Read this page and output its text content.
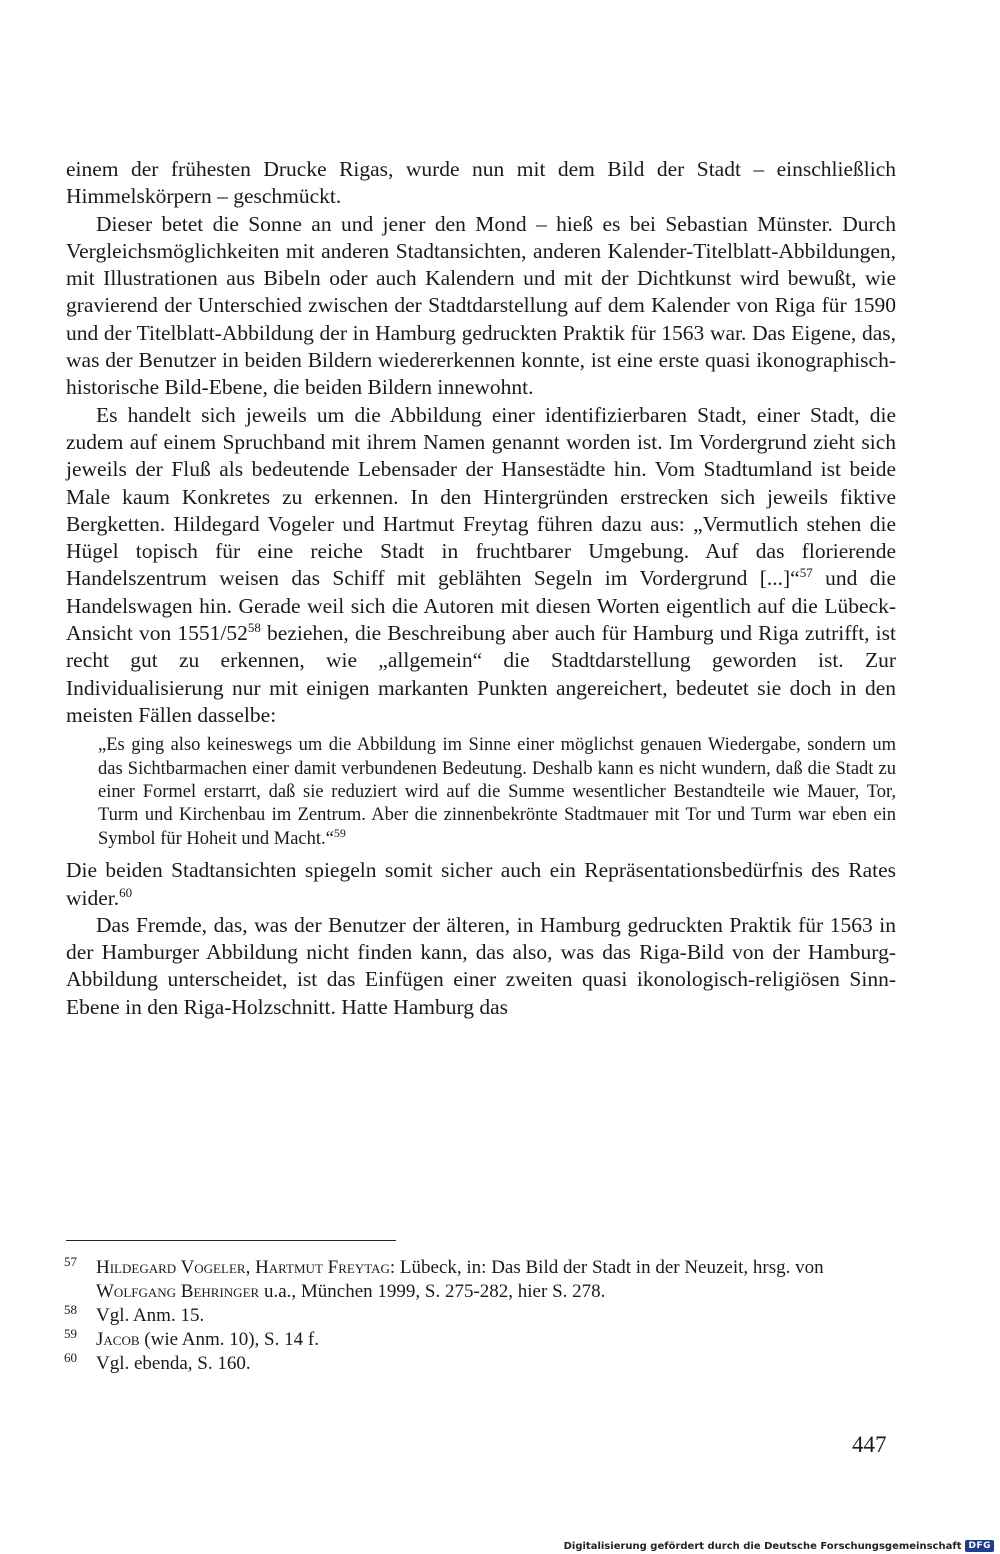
einem der frühesten Drucke Rigas, wurde nun mit dem Bild der Stadt – einschließlich Himmelskörpern – geschmückt.

Dieser betet die Sonne an und jener den Mond – hieß es bei Sebastian Münster. Durch Vergleichsmöglichkeiten mit anderen Stadtansichten, anderen Kalender-Titelblatt-Abbildungen, mit Illustrationen aus Bibeln oder auch Kalendern und mit der Dichtkunst wird bewußt, wie gravierend der Unterschied zwischen der Stadtdarstellung auf dem Kalender von Riga für 1590 und der Titelblatt-Abbildung der in Hamburg gedruckten Praktik für 1563 war. Das Eigene, das, was der Benutzer in beiden Bildern wiedererkennen konnte, ist eine erste quasi ikonographisch-historische Bild-Ebene, die beiden Bildern innewohnt.

Es handelt sich jeweils um die Abbildung einer identifizierbaren Stadt, einer Stadt, die zudem auf einem Spruchband mit ihrem Namen genannt worden ist. Im Vordergrund zieht sich jeweils der Fluß als bedeutende Lebensader der Hansestädte hin. Vom Stadtumland ist beide Male kaum Konkretes zu erkennen. In den Hintergründen erstrecken sich jeweils fiktive Bergketten. Hildegard Vogeler und Hartmut Freytag führen dazu aus: „Vermutlich stehen die Hügel topisch für eine reiche Stadt in fruchtbarer Umgebung. Auf das florierende Handelszentrum weisen das Schiff mit geblähten Segeln im Vordergrund [...]“$^{57}$ und die Handelswagen hin. Gerade weil sich die Autoren mit diesen Worten eigentlich auf die Lübeck-Ansicht von $1551/52^{58}$ beziehen, die Beschreibung aber auch für Hamburg und Riga zutrifft, ist recht gut zu erkennen, wie „allgemein“ die Stadtdarstellung geworden ist. Zur Individualisierung nur mit einigen markanten Punkten angereichert, bedeutet sie doch in den meisten Fällen dasselbe:

„Es ging also keineswegs um die Abbildung im Sinne einer möglichst genauen Wiedergabe, sondern um das Sichtbarmachen einer damit verbundenen Bedeutung. Deshalb kann es nicht wundern, daß die Stadt zu einer Formel erstarrt, daß sie reduziert wird auf die Summe wesentlicher Bestandteile wie Mauer, Tor, Turm und Kirchenbau im Zentrum. Aber die zinnenbekrönte Stadtmauer mit Tor und Turm war eben ein Symbol für Hoheit und Macht.“$^{59}$

Die beiden Stadtansichten spiegeln somit sicher auch ein Repräsentationsbedürfnis des Rates wider.$^{60}$

Das Fremde, das, was der Benutzer der älteren, in Hamburg gedruckten Praktik für 1563 in der Hamburger Abbildung nicht finden kann, das also, was das Riga-Bild von der Hamburg-Abbildung unterscheidet, ist das Einfügen einer zweiten quasi ikonologisch-religiösen Sinn-Ebene in den Riga-Holzschnitt. Hatte Hamburg das

57 Hildegard Vogeler, Hartmut Freytag: Lübeck, in: Das Bild der Stadt in der Neuzeit, hrsg. von Wolfgang Behringer u.a., München 1999, S. 275-282, hier S. 278.

58 Vgl. Anm. 15.

59 Jacob (wie Anm. 10), S. 14 f.

60 Vgl. ebenda, S. 160.

447
Digitalisierung gefördert durch die Deutsche Forschungsgemeinschaft DFG
